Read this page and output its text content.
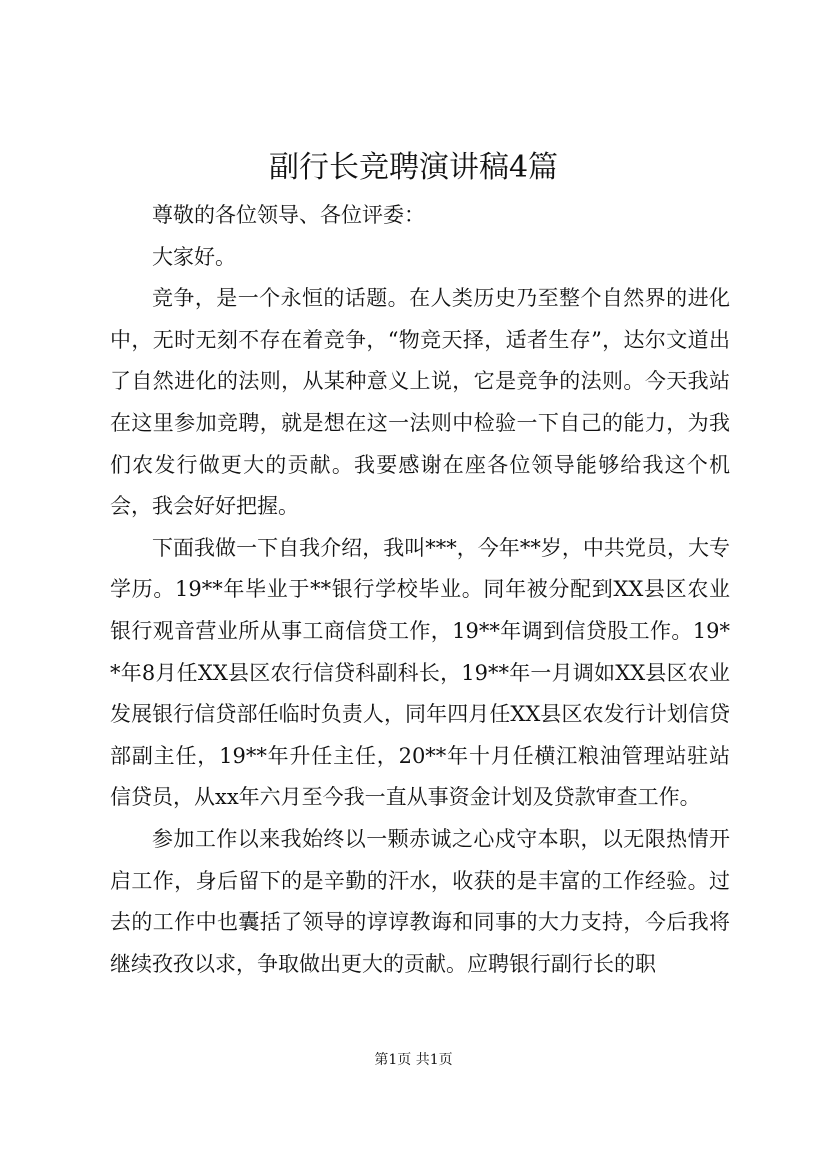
副行长竞聘演讲稿4篇

尊敬的各位领导、各位评委：

大家好。

竞争，是一个永恒的话题。在人类历史乃至整个自然界的进化中，无时无刻不存在着竞争，“物竞天择，适者生存”，达尔文道出了自然进化的法则，从某种意义上说，它是竞争的法则。今天我站在这里参加竞聘，就是想在这一法则中检验一下自己的能力，为我们农发行做更大的贡献。我要感谢在座各位领导能够给我这个机会，我会好好把握。

下面我做一下自我介绍，我叫***，今年**岁，中共党员，大专学历。19**年毕业于**银行学校毕业。同年被分配到XX县区农业银行观音营业所从事工商信贷工作，19**年调到信贷股工作。19**年8月任XX县区农行信贷科副科长，19**年一月调如XX县区农业发展银行信贷部任临时负责人，同年四月任XX县区农发行计划信贷部副主任，19**年升任主任，20**年十月任横江粮油管理站驻站信贷员，从xx年六月至今我一直从事资金计划及贷款审查工作。

参加工作以来我始终以一颗赤诚之心戍守本职，以无限热情开启工作，身后留下的是辛勤的汗水，收获的是丰富的工作经验。过去的工作中也囊括了领导的谆谆教诲和同事的大力支持，今后我将继续孜孜以求，争取做出更大的贡献。应聘银行副行长的职

第1页 共1页
